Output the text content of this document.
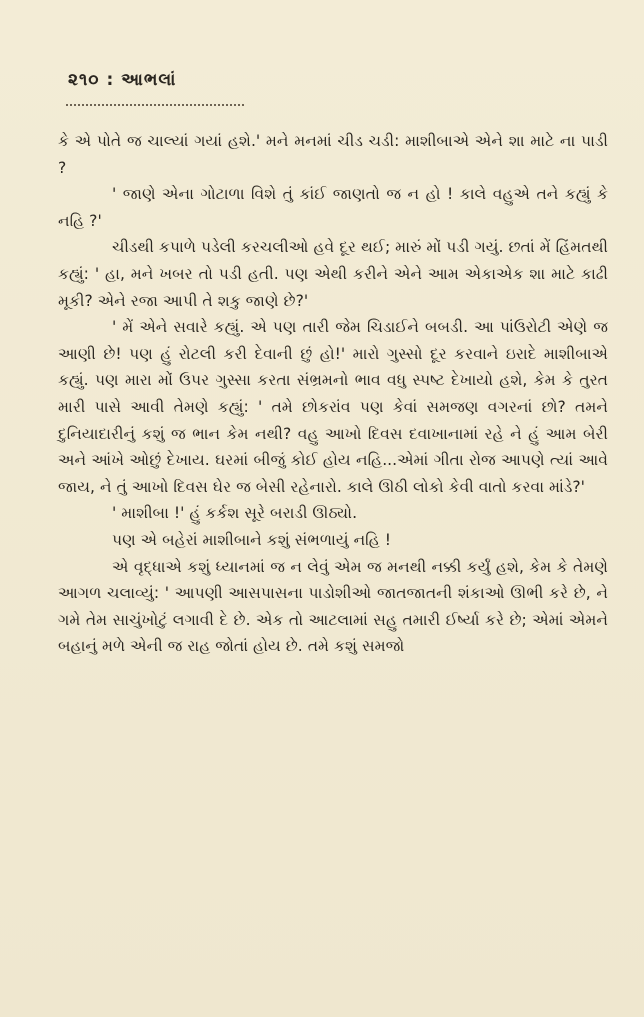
૨૧૦ : આભલાં

કે એ પોતે જ ચાલ્યાં ગયાં હશે.' મને મનમાં ચીડ ચડી: માશીબાએ એને શા માટે ના પાડી ?

' જાણે એના ગોટાળા વિશે તું કાંઈ જાણતો જ ન હો ! કાલે વહુએ તને કહ્યું કે નહિ ?'

ચીડથી કપાળે પડેલી કરચલીઓ હવે દૂર થઈ; મારું મોં પડી ગયું. છતાં મેં હિંમતથી કહ્યું: ' હા, મને ખબર તો પડી હતી. પણ એથી કરીને એને આમ એકાએક શા માટે કાઢી મૂકી? એને રજા આપી તે શકુ જાણે છે?'

' મેં એને સવારે કહ્યું. એ પણ તારી જેમ ચિડાઈને બબડી. આ પાંઉરોટી એણે જ આણી છે! પણ હું રોટલી કરી દેવાની છું હો!' મારો ગુસ્સો દૂર કરવાને ઇરાદે માશીબાએ કહ્યું. પણ મારા મોં ઉપર ગુસ્સા કરતા સંભ્રમનો ભાવ વધુ સ્પષ્ટ દેખાયો હશે, કેમ કે તુરત મારી પાસે આવી તેમણે કહ્યું: ' તમે છોકરાંવ પણ કેવાં સમજણ વગરનાં છો? તમને દુનિયાદારીનું કશું જ ભાન કેમ નથી? વહુ આખો દિવસ દવાખાનામાં રહે ને હું આમ બેરી અને આંખે ઓછું દેખાય. ઘરમાં બીજું કોઈ હોય નહિ...એમાં ગીતા રોજ આપણે ત્યાં આવે જાય, ને તું આખો દિવસ ઘેર જ બેસી રહેનારો. કાલે ઊઠી લોકો કેવી વાતો કરવા માંડે?'

' માશીબા !' હું કર્કશ સૂરે બરાડી ઊઠ્યો.

પણ એ બહેરાં માશીબાને કશું સંભળાયું નહિ !

એ વૃદ્ધાએ કશું ધ્યાનમાં જ ન લેવું એમ જ મનથી નક્કી કર્યું હશે, કેમ કે તેમણે આગળ ચલાવ્યું: ' આપણી આસપાસના પાડોશીઓ જાતજાતની શંકાઓ ઊભી કરે છે, ને ગમે તેમ સાચુંખોટું લગાવી દે છે. એક તો આટલામાં સહુ તમારી ઈર્ષ્યા કરે છે; એમાં એમને બહાનું મળે એની જ રાહ જોતાં હોય છે. તમે કશું સમજો
